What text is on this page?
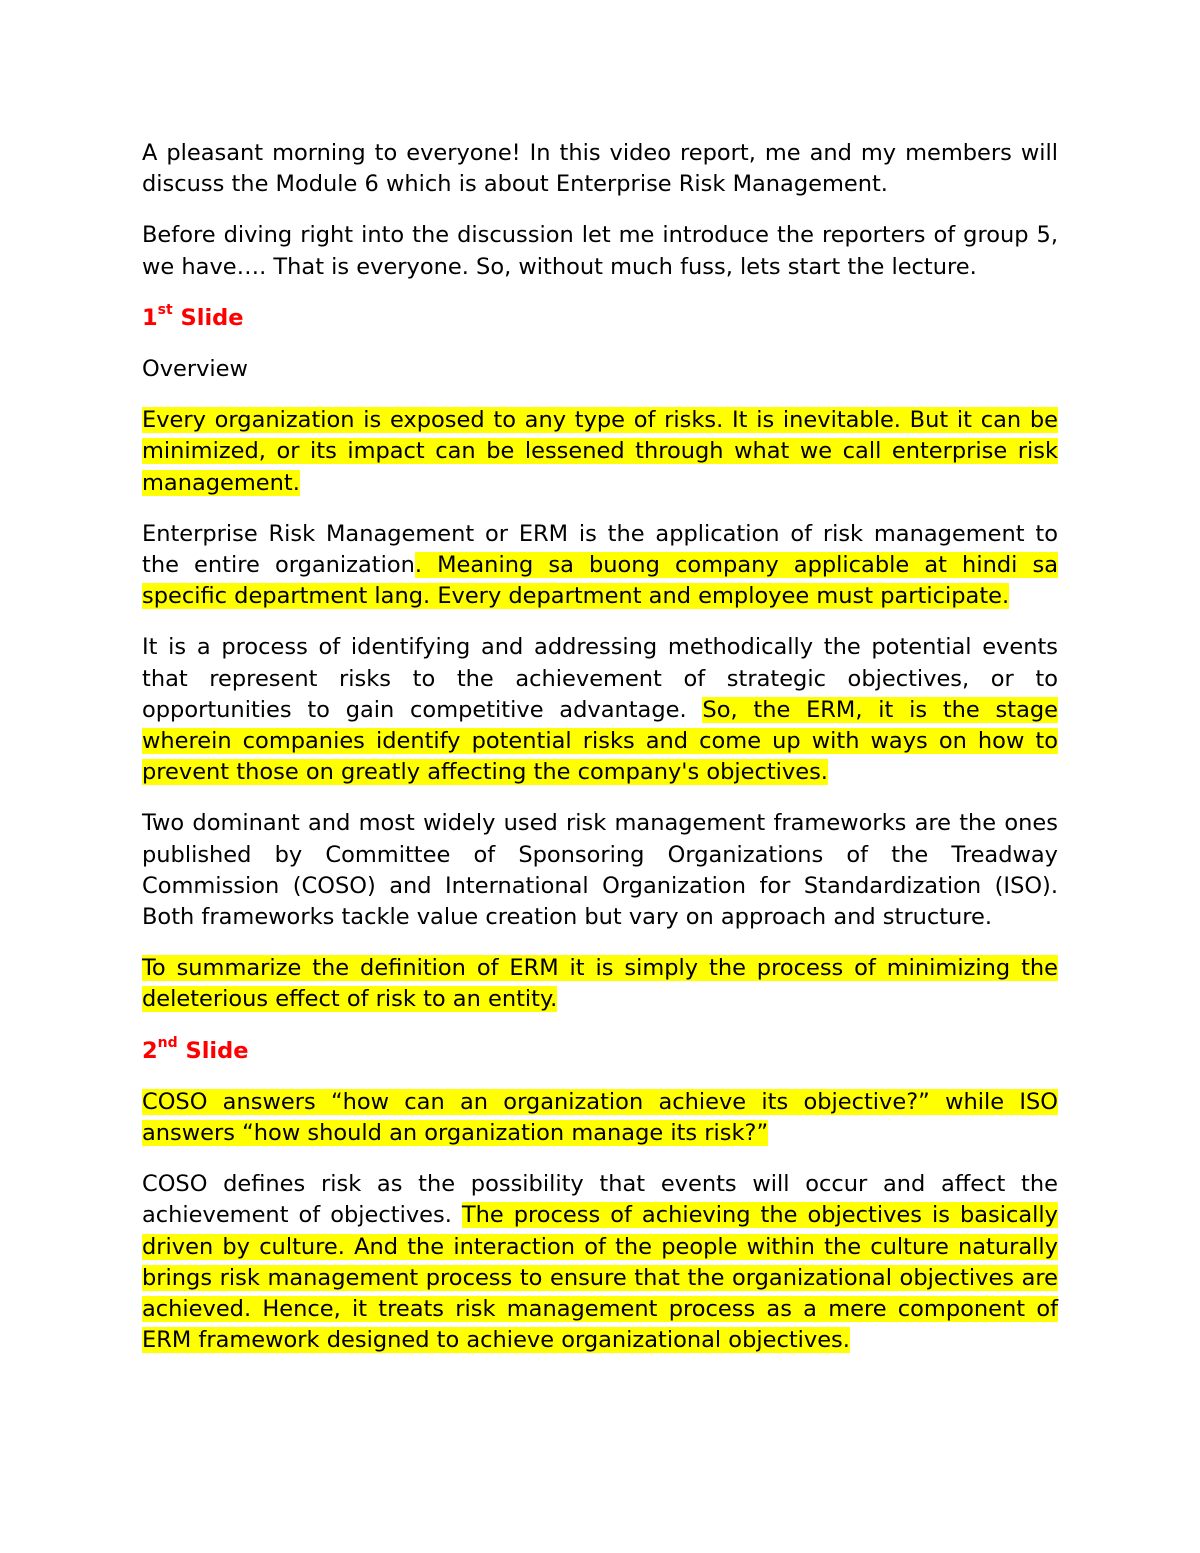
A pleasant morning to everyone! In this video report, me and my members will discuss the Module 6 which is about Enterprise Risk Management.

Before diving right into the discussion let me introduce the reporters of group 5, we have…. That is everyone. So, without much fuss, lets start the lecture.

1st Slide

Overview

Every organization is exposed to any type of risks. It is inevitable. But it can be minimized, or its impact can be lessened through what we call enterprise risk management.

Enterprise Risk Management or ERM is the application of risk management to the entire organization. Meaning sa buong company applicable at hindi sa specific department lang. Every department and employee must participate.

It is a process of identifying and addressing methodically the potential events that represent risks to the achievement of strategic objectives, or to opportunities to gain competitive advantage. So, the ERM, it is the stage wherein companies identify potential risks and come up with ways on how to prevent those on greatly affecting the company's objectives.

Two dominant and most widely used risk management frameworks are the ones published by Committee of Sponsoring Organizations of the Treadway Commission (COSO) and International Organization for Standardization (ISO). Both frameworks tackle value creation but vary on approach and structure.

To summarize the definition of ERM it is simply the process of minimizing the deleterious effect of risk to an entity.

2nd Slide

COSO answers “how can an organization achieve its objective?” while ISO answers “how should an organization manage its risk?”

COSO defines risk as the possibility that events will occur and affect the achievement of objectives. The process of achieving the objectives is basically driven by culture. And the interaction of the people within the culture naturally brings risk management process to ensure that the organizational objectives are achieved. Hence, it treats risk management process as a mere component of ERM framework designed to achieve organizational objectives.
